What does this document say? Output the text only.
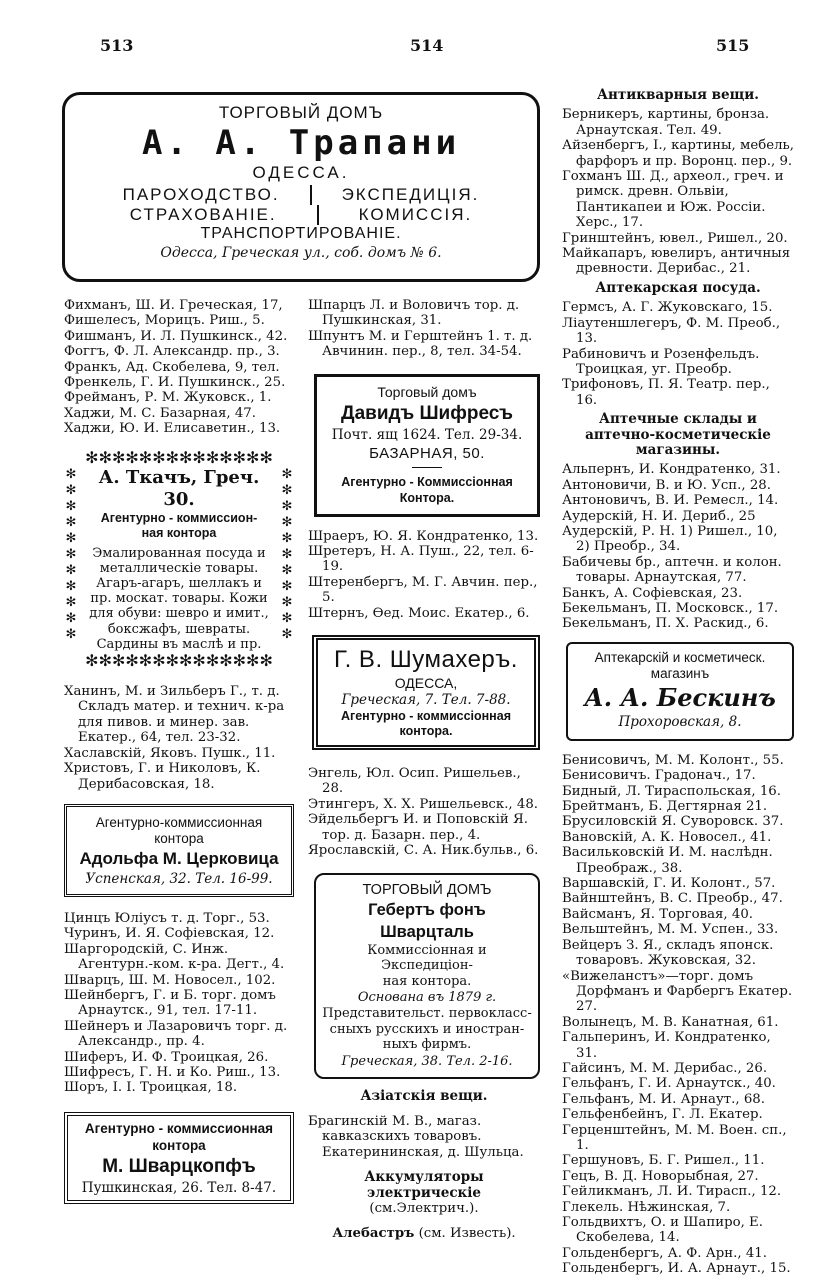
513	514	515
ТОРГОВЫЙ ДОМЪ
А. А. Трапани
ОДЕССА.
ПАРОХОДСТВО.	ЭКСПЕДИЦІЯ.
СТРАХОВАНІЕ.	КОМИССІЯ.
ТРАНСПОРТИРОВАНІЕ.
Одесса, Греческая ул., соб. домъ № 6.

Фихманъ, Ш. И. Греческая, 17,

Фишелесъ, Морицъ. Риш., 5.

Фишманъ, И. Л. Пушкинск., 42.

Фоггъ, Ф. Л. Александр. пр., 3.

Франкъ, Ад. Скобелева, 9, тел.

Френкель, Г. И. Пушкинск., 25.

Фрейманъ, Р. М. Жуковск., 1.

Хаджи, М. С. Базарная, 47.

Хаджи, Ю. И. Елисаветин., 13.

✻✻✻✻✻✻✻✻✻✻✻✻✻✻
✻
✻
✻
✻
✻
✻
✻
✻
✻
✻
✻
✻
✻
✻
✻
✻
✻
✻
✻
✻
✻
✻
А. Ткачъ, Греч. 30.
Агентурно - коммиссион-
ная контора
Эмалированная посуда и
металлическіе товары.
Агаръ-агаръ, шеллакъ и
пр. москат. товары. Кожи
для обуви: шевро и имит.,
боксжафъ, шевраты.
Сардины въ маслѣ и пр.
✻✻✻✻✻✻✻✻✻✻✻✻✻✻

Ханинъ, М. и Зильберъ Г., т. д. Складъ матер. и технич. к-ра для пивов. и минер. зав. Екатер., 64, тел. 23-32.

Хаславскій, Яковъ. Пушк., 11.

Христовъ, Г. и Николовъ, К. Дерибасовская, 18.

Агентурно-коммиссионная
контора
Адольфа М. Церковица
Успенская, 32. Тел. 16-99.

Цинцъ Юліусъ т. д. Торг., 53.

Чуринъ, И. Я. Софіевская, 12.

Шаргородскій, С. Инж. Агентурн.-ком. к-ра. Дегт., 4.

Шварцъ, Ш. М. Новосел., 102.

Шейнбергъ, Г. и Б. торг. домъ Арнаутск., 91, тел. 17-11.

Шейнеръ и Лазаровичъ торг. д. Александр., пр. 4.

Шиферъ, И. Ф. Троицкая, 26.

Шифресъ, Г. Н. и Ко. Риш., 13.

Шоръ, І. І. Троицкая, 18.

Агентурно - коммиссионная
контора
М. Шварцкопфъ
Пушкинская, 26. Тел. 8-47.

Шпарцъ Л. и Воловичъ тор. д. Пушкинская, 31.

Шпунтъ М. и Герштейнъ 1. т. д. Авчинин. пер., 8, тел. 34-54.

Торговый домъ
Давидъ Шифресъ
Почт. ящ 1624. Тел. 29-34.
БАЗАРНАЯ, 50.
Агентурно - Коммиссіонная
Контора.

Шраеръ, Ю. Я. Кондратенко, 13.

Шретеръ, Н. А. Пуш., 22, тел. 6-19.

Штеренбергъ, М. Г. Авчин. пер., 5.

Штернъ, Өед. Моис. Екатер., 6.

Г. В. Шумахеръ.
ОДЕССА,
Греческая, 7. Тел. 7-88.
Агентурно - коммиссіонная
контора.

Энгель, Юл. Осип. Ришельев., 28.

Этингеръ, Х. Х. Ришельевск., 48.

Эйдельбергъ И. и Поповскій Я. тор. д. Базарн. пер., 4.

Ярославскій, С. А. Ник.бульв., 6.

ТОРГОВЫЙ ДОМЪ
Гебертъ фонъ Шварцталь
Коммиссіонная и Экспедиціон-
ная контора.
Основана въ 1879 г.
Представительст. первокласс-
сныхъ русскихъ и иностран-
ныхъ фирмъ.
Греческая, 38. Тел. 2-16.
Азіатскія вещи.

Брагинскій М. В., магаз. кавказскихъ товаровъ. Екатерининская, д. Шульца.

Аккумуляторы электрическіе
(см.Электрич.).
Алебастръ (см. Известь).
Антикварныя вещи.

Берникеръ, картины, бронза. Арнаутская. Тел. 49.

Айзенбергъ, І., картины, мебель, фарфоръ и пр. Воронц. пер., 9.

Гохманъ Ш. Д., археол., греч. и римск. древн. Ольвіи, Пантикапеи и Юж. Россіи. Херс., 17.

Гринштейнъ, ювел., Ришел., 20.

Майкапаръ, ювелиръ, античныя древности. Дерибас., 21.

Аптекарская посуда.

Гермсъ, А. Г. Жуковскаго, 15.

Ліаутеншлегеръ, Ф. М. Преоб., 13.

Рабиновичъ и Розенфельдъ. Троицкая, уг. Преобр.

Трифоновъ, П. Я. Театр. пер., 16.

Аптечные склады и аптечно-косметическіе магазины.

Альпернъ, И. Кондратенко, 31.

Антоновичи, В. и Ю. Усп., 28.

Антоновичъ, В. И. Ремесл., 14.

Аудерскій, Н. И. Дериб., 25

Аудерскій, Р. Н. 1) Ришел., 10, 2) Преобр., 34.

Бабичевы бр., аптечн. и колон. товары. Арнаутская, 77.

Банкъ, А. Софіевская, 23.

Бекельманъ, П. Московск., 17.

Бекельманъ, П. Х. Раскид., 6.

Аптекарскій и косметическ.
магазинъ
А. А. Бескинъ
Прохоровская, 8.

Бенисовичъ, М. М. Колонт., 55.

Бенисовичъ. Градонач., 17.

Бидный, Л. Тираспольская, 16.

Брейтманъ, Б. Дегтярная 21.

Брусиловскій Я. Суворовск. 37.

Вановскій, А. К. Новосел., 41.

Васильковскій И. М. наслѣдн. Преображ., 38.

Варшавскій, Г. И. Колонт., 57.

Вайнштейнъ, В. С. Преобр., 47.

Вайсманъ, Я. Торговая, 40.

Вельштейнъ, М. М. Успен., 33.

Вейцеръ З. Я., складъ японск. товаровъ. Жуковская, 32.

«Вижеланстъ»—торг. домъ Дорфманъ и Фарбергъ Екатер. 27.

Волынецъ, М. В. Канатная, 61.

Гальперинъ, И. Кондратенко, 31.

Гайсинъ, М. М. Дерибас., 26.

Гельфанъ, Г. И. Арнаутск., 40.

Гельфанъ, М. И. Арнаут., 68.

Гельфенбейнъ, Г. Л. Екатер.

Герценштейнъ, М. М. Воен. сп., 1.

Гершуновъ, Б. Г. Ришел., 11.

Гецъ, В. Д. Новорыбная, 27.

Гейликманъ, Л. И. Тирасп., 12.

Глекель. Нѣжинская, 7.

Гольдвихтъ, О. и Шапиро, Е. Скобелева, 14.

Гольденбергъ, А. Ф. Арн., 41.

Гольденбергъ, И. А. Арнаут., 15.
